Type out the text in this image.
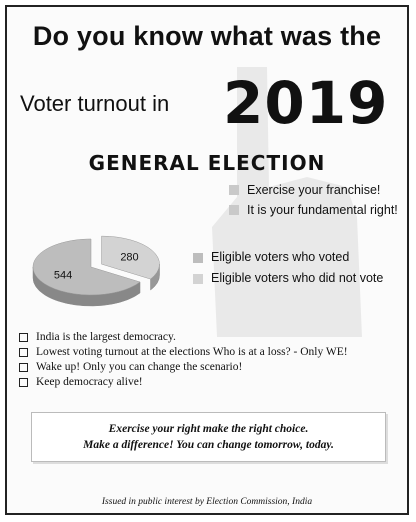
Do you know what was the
Voter turnout in 2019
GENERAL ELECTION
Exercise your franchise!
It is your fundamental right!
280
544
Eligible voters who voted
Eligible voters who did not vote
India is the largest democracy.
Lowest voting turnout at the elections Who is at a loss? - Only WE!
Wake up! Only you can change the scenario!
Keep democracy alive!
Exercise your right make the right choice.
Make a difference! You can change tomorrow, today.
Issued in public interest by Election Commission, India
